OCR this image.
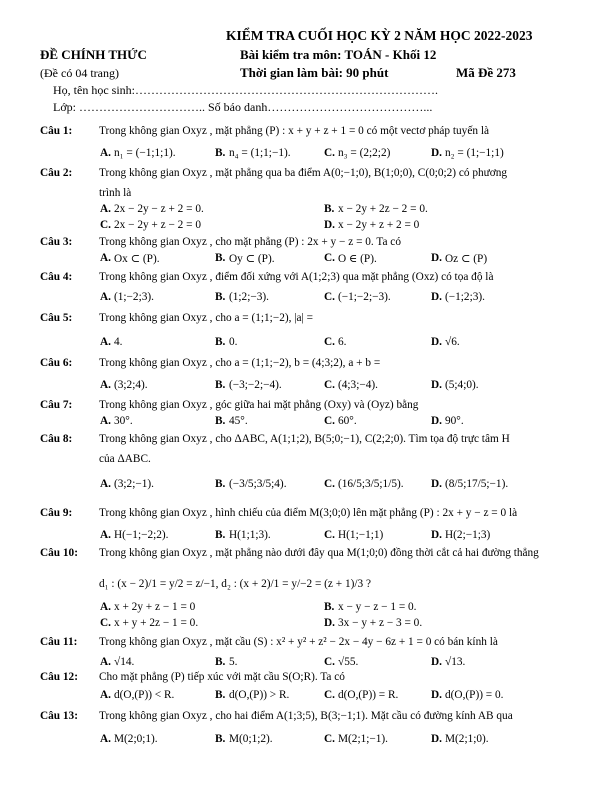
KIỂM TRA CUỐI HỌC KỲ 2 NĂM HỌC 2022-2023
ĐỀ CHÍNH THỨC	Bài kiểm tra môn: TOÁN - Khối 12
(Đề có 04 trang)	Thời gian làm bài: 90 phút	Mã Đề 273
Họ, tên học sinh:………………………………………………………………….
Lớp: ………………………….. Số báo danh…………………………………...
Câu 1: Trong không gian Oxyz , mặt phẳng (P) : x + y + z + 1 = 0 có một vectơ pháp tuyến là
A. n₁ = (−1;1;1).	B. n₄ = (1;1;−1).	C. n₃ = (2;2;2)	D. n₂ = (1;−1;1)
Câu 2: Trong không gian Oxyz , mặt phẳng qua ba điểm A(0;−1;0), B(1;0;0), C(0;0;2) có phương
trình là
A. 2x − 2y − z + 2 = 0.	B. x − 2y + 2z − 2 = 0.
C. 2x − 2y + z − 2 = 0	D. x − 2y + z + 2 = 0
Câu 3: Trong không gian Oxyz , cho mặt phẳng (P) : 2x + y − z = 0. Ta có
A. Ox ⊂ (P).	B. Oy ⊂ (P).	C. O ∈ (P).	D. Oz ⊂ (P)
Câu 4: Trong không gian Oxyz , điểm đối xứng với A(1;2;3) qua mặt phẳng (Oxz) có tọa độ là
A. (1;−2;3).	B. (1;2;−3).	C. (−1;−2;−3).	D. (−1;2;3).
Câu 5: Trong không gian Oxyz , cho a = (1;1;−2), |a| =
A. 4.	B. 0.	C. 6.	D. √6.
Câu 6: Trong không gian Oxyz , cho a = (1;1;−2), b = (4;3;2), a + b =
A. (3;2;4).	B. (−3;−2;−4).	C. (4;3;−4).	D. (5;4;0).
Câu 7: Trong không gian Oxyz , góc giữa hai mặt phẳng (Oxy) và (Oyz) bằng
A. 30°.	B. 45°.	C. 60°.	D. 90°.
Câu 8: Trong không gian Oxyz , cho ΔABC, A(1;1;2), B(5;0;−1), C(2;2;0). Tìm tọa độ trực tâm H
của ΔABC.
A. (3;2;−1).	B. (−3/5;3/5;4).	C. (16/5;3/5;1/5). D. (8/5;17/5;−1).
Câu 9: Trong không gian Oxyz , hình chiếu của điểm M(3;0;0) lên mặt phẳng (P) : 2x + y − z = 0 là
A. H(−1;−2;2).	B. H(1;1;3).	C. H(1;−1;1)	D. H(2;−1;3)
Câu 10: Trong không gian Oxyz , mặt phẳng nào dưới đây qua M(1;0;0) đồng thời cắt cả hai đường thẳng
d₁ : (x − 2)/1 = y/2 = z/−1, d₂ : (x + 2)/1 = y/−2 = (z + 1)/3 ?
A. x + 2y + z − 1 = 0	B. x − y − z − 1 = 0.
C. x + y + 2z − 1 = 0.	D. 3x − y + z − 3 = 0.
Câu 11: Trong không gian Oxyz , mặt cầu (S) : x² + y² + z² − 2x − 4y − 6z + 1 = 0 có bán kính là
A. √14.	B. 5.	C. √55.	D. √13.
Câu 12: Cho mặt phẳng (P) tiếp xúc với mặt cầu S(O;R). Ta có
A. d(O,(P)) < R.	B. d(O,(P)) > R.	C. d(O,(P)) = R.	D. d(O,(P)) = 0.
Câu 13: Trong không gian Oxyz , cho hai điểm A(1;3;5), B(3;−1;1). Mặt cầu có đường kính AB qua
A. M(2;0;1).	B. M(0;1;2).	C. M(2;1;−1).	D. M(2;1;0).
